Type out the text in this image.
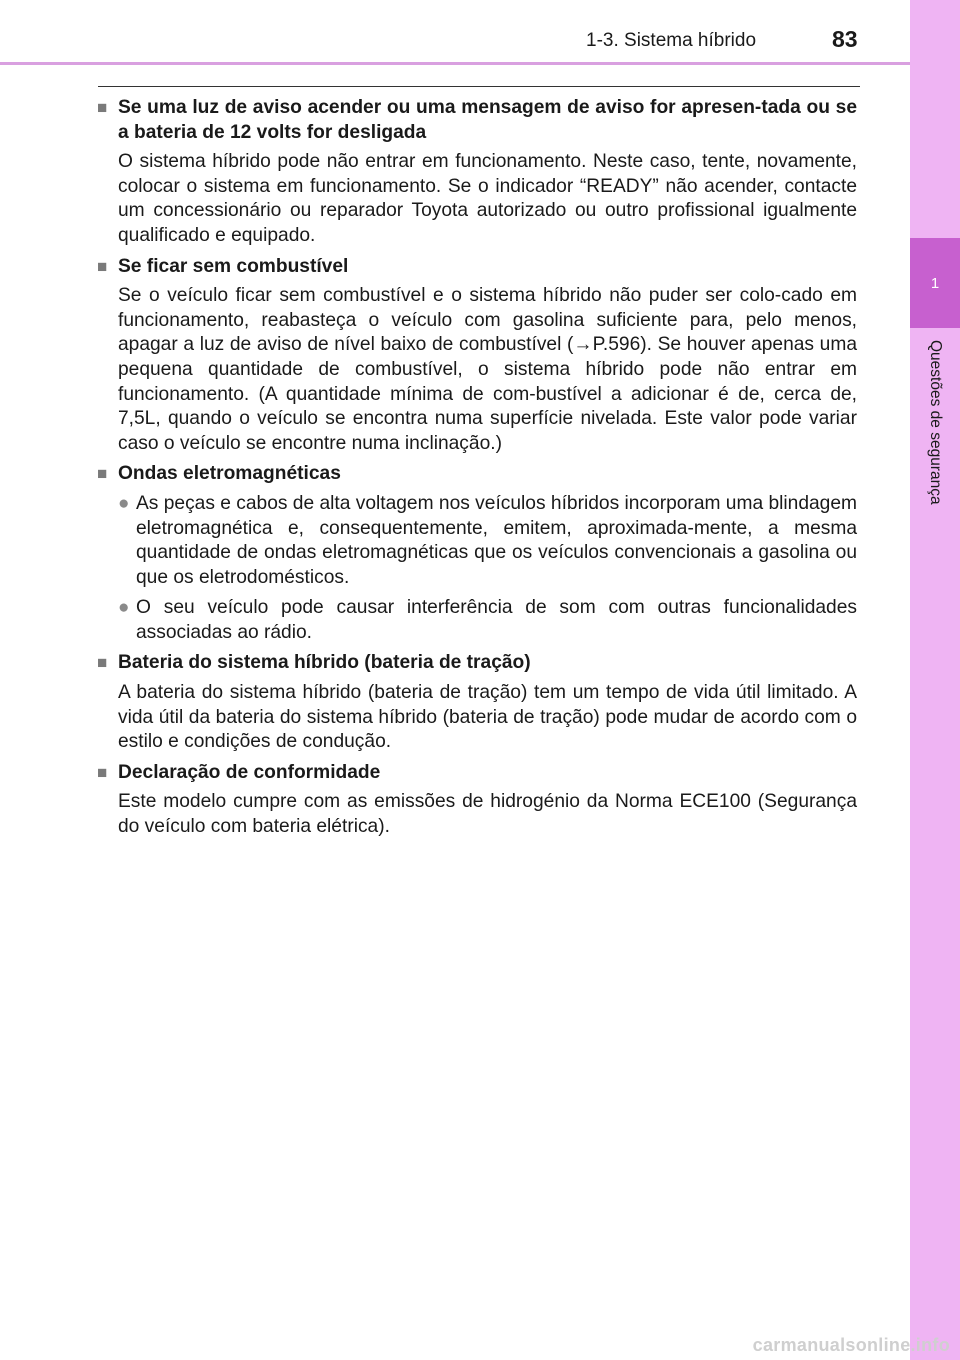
1-3. Sistema híbrido	83
1
Questões de segurança
■ Se uma luz de aviso acender ou uma mensagem de aviso for apresen-tada ou se a bateria de 12 volts for desligada
O sistema híbrido pode não entrar em funcionamento. Neste caso, tente, novamente, colocar o sistema em funcionamento. Se o indicador “READY” não acender, contacte um concessionário ou reparador Toyota autorizado ou outro profissional igualmente qualificado e equipado.
■ Se ficar sem combustível
Se o veículo ficar sem combustível e o sistema híbrido não puder ser colo-cado em funcionamento, reabasteça o veículo com gasolina suficiente para, pelo menos, apagar a luz de aviso de nível baixo de combustível (→P.596). Se houver apenas uma pequena quantidade de combustível, o sistema híbrido pode não entrar em funcionamento. (A quantidade mínima de com-bustível a adicionar é de, cerca de, 7,5L, quando o veículo se encontra numa superfície nivelada. Este valor pode variar caso o veículo se encontre numa inclinação.)
■ Ondas eletromagnéticas
● As peças e cabos de alta voltagem nos veículos híbridos incorporam uma blindagem eletromagnética e, consequentemente, emitem, aproximada-mente, a mesma quantidade de ondas eletromagnéticas que os veículos convencionais a gasolina ou que os eletrodomésticos.
● O seu veículo pode causar interferência de som com outras funcionalidades associadas ao rádio.
■ Bateria do sistema híbrido (bateria de tração)
A bateria do sistema híbrido (bateria de tração) tem um tempo de vida útil limitado. A vida útil da bateria do sistema híbrido (bateria de tração) pode mudar de acordo com o estilo e condições de condução.
■ Declaração de conformidade
Este modelo cumpre com as emissões de hidrogénio da Norma ECE100 (Segurança do veículo com bateria elétrica).
carmanualsonline.info
